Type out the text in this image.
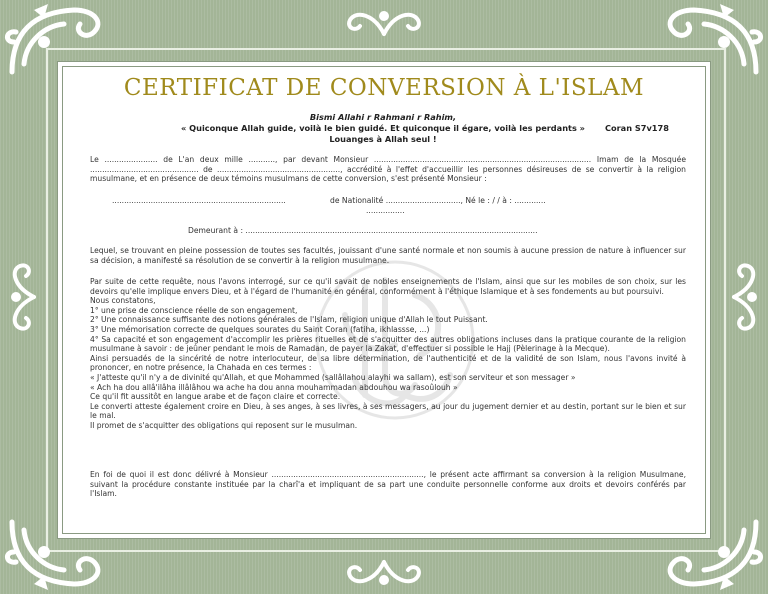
CERTIFICAT DE CONVERSION À L'ISLAM
Bismi Allahi r Rahmani r Rahim,
« Quiconque Allah guide, voilà le bien guidé. Et quiconque il égare, voilà les perdants » Coran S7v178
Louanges à Allah seul !
Le ...................... de L'an deux mille ..........., par devant Monsieur .......................................................................................... Imam de la Mosquée ............................................. de ..................................................., accrédité à l'effet d'accueillir les personnes désireuses de se convertir à la religion musulmane, et en présence de deux témoins musulmans de cette conversion, s'est présenté Monsieur :
........................................................................	de Nationalité ..............................., Né le : / / à : .............
................
Demeurant à : .........................................................................................................................
Lequel, se trouvant en pleine possession de toutes ses facultés, jouissant d'une santé normale et non soumis à aucune pression de nature à influencer sur sa décision, a manifesté sa résolution de se convertir à la religion musulmane.

Par suite de cette requête, nous l'avons interrogé, sur ce qu'il savait de nobles enseignements de l'Islam, ainsi que sur les mobiles de son choix, sur les devoirs qu'elle implique envers Dieu, et à l'égard de l'humanité en général, conformément à l'éthique Islamique et à ses fondements au but poursuivi.

Nous constatons,

1° une prise de conscience réelle de son engagement,

2° Une connaissance suffisante des notions générales de l'Islam, religion unique d'Allah le tout Puissant.

3° Une mémorisation correcte de quelques sourates du Saint Coran (fatiha, ikhlassse, ...)

4° Sa capacité et son engagement d'accomplir les prières rituelles et de s'acquitter des autres obligations incluses dans la pratique courante de la religion musulmane à savoir : de jeûner pendant le mois de Ramadan, de payer la Zakat, d'effectuer si possible le Hajj (Pèlerinage à la Mecque).

Ainsi persuadés de la sincérité de notre interlocuteur, de sa libre détermination, de l'authenticité et de la validité de son Islam, nous l'avons invité à prononcer, en notre présence, la Chahada en ces termes :

« J'atteste qu'il n'y a de divinité qu'Allah, et que Mohammed (sallâllahou alayhi wa sallam), est son serviteur et son messager »

« Ach ha dou allâ'ilâha illâlâhou wa ache ha dou anna mouhammadan abdouhou wa rasoûlouh »

Ce qu'il fit aussitôt en langue arabe et de façon claire et correcte.

Le converti atteste également croire en Dieu, à ses anges, à ses livres, à ses messagers, au jour du jugement dernier et au destin, portant sur le bien et sur le mal.

Il promet de s'acquitter des obligations qui reposent sur le musulman.

En foi de quoi il est donc délivré à Monsieur ..............................................................., le présent acte affirmant sa conversion à la religion Musulmane, suivant la procédure constante instituée par la charî'a et impliquant de sa part une conduite personnelle conforme aux droits et devoirs conférés par l'Islam.
